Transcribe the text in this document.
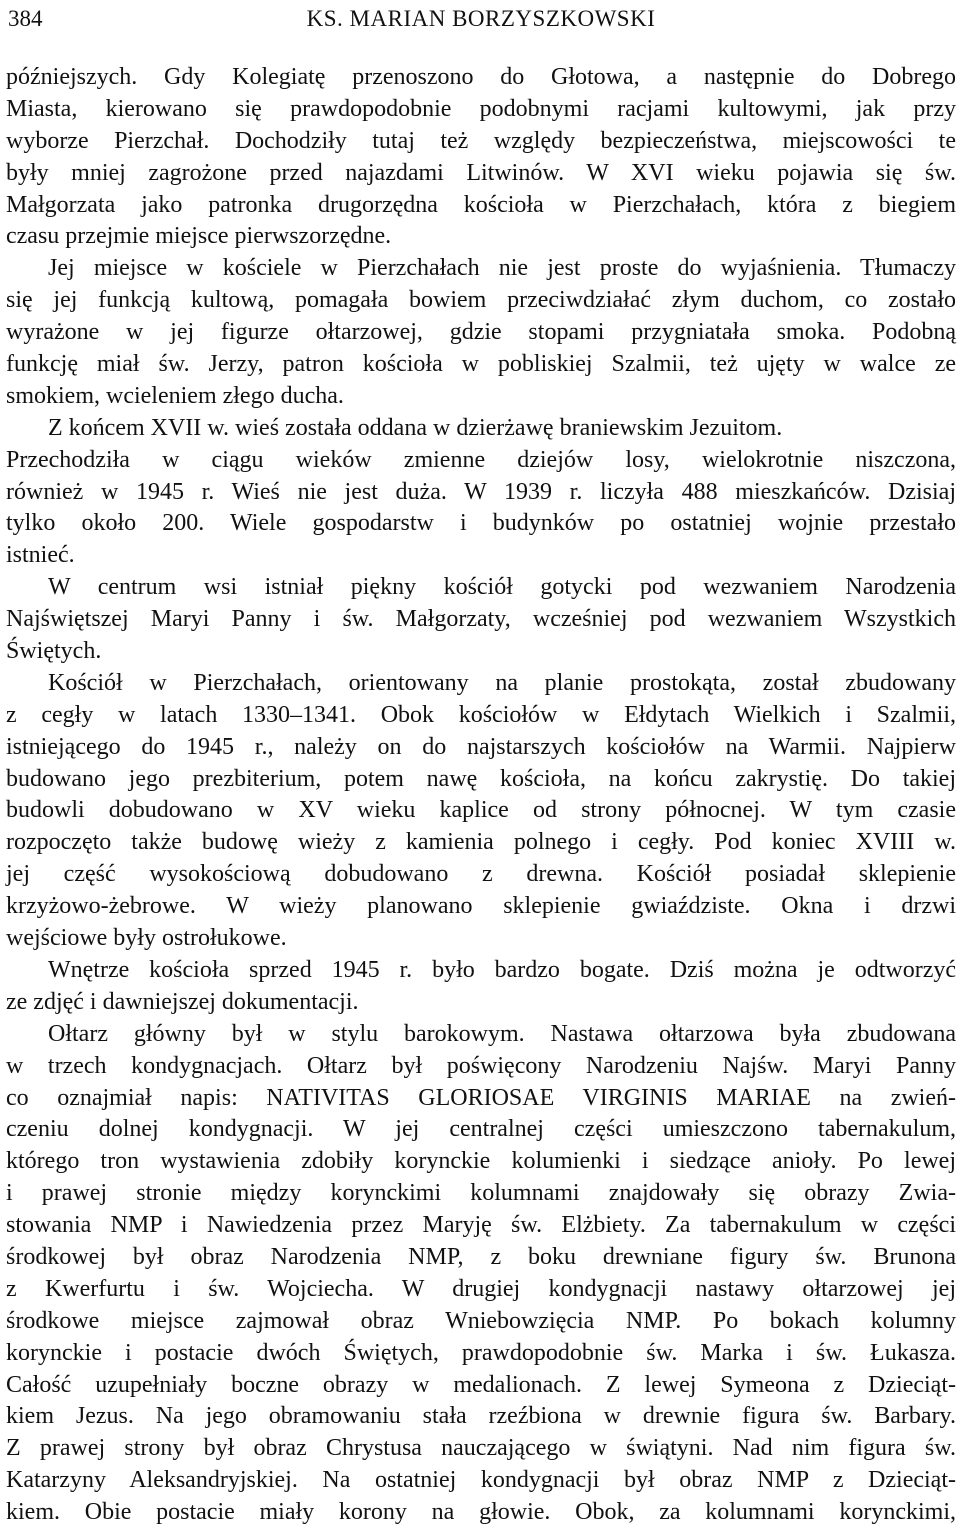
384	KS. MARIAN BORZYSZKOWSKI
późniejszych. Gdy Kolegiatę przenoszono do Głotowa, a następnie do Dobrego
Miasta, kierowano się prawdopodobnie podobnymi racjami kultowymi, jak przy
wyborze Pierzchał. Dochodziły tutaj też względy bezpieczeństwa, miejscowości te
były mniej zagrożone przed najazdami Litwinów. W XVI wieku pojawia się św.
Małgorzata jako patronka drugorzędna kościoła w Pierzchałach, która z biegiem
czasu przejmie miejsce pierwszorzędne.
Jej miejsce w kościele w Pierzchałach nie jest proste do wyjaśnienia. Tłumaczy
się jej funkcją kultową, pomagała bowiem przeciwdziałać złym duchom, co zostało
wyrażone w jej figurze ołtarzowej, gdzie stopami przygniatała smoka. Podobną
funkcję miał św. Jerzy, patron kościoła w pobliskiej Szalmii, też ujęty w walce ze
smokiem, wcieleniem złego ducha.
Z końcem XVII w. wieś została oddana w dzierżawę braniewskim Jezuitom.
Przechodziła w ciągu wieków zmienne dziejów losy, wielokrotnie niszczona,
również w 1945 r. Wieś nie jest duża. W 1939 r. liczyła 488 mieszkańców. Dzisiaj
tylko około 200. Wiele gospodarstw i budynków po ostatniej wojnie przestało
istnieć.
W centrum wsi istniał piękny kościół gotycki pod wezwaniem Narodzenia
Najświętszej Maryi Panny i św. Małgorzaty, wcześniej pod wezwaniem Wszystkich
Świętych.
Kościół w Pierzchałach, orientowany na planie prostokąta, został zbudowany
z cegły w latach 1330–1341. Obok kościołów w Ełdytach Wielkich i Szalmii,
istniejącego do 1945 r., należy on do najstarszych kościołów na Warmii. Najpierw
budowano jego prezbiterium, potem nawę kościoła, na końcu zakrystię. Do takiej
budowli dobudowano w XV wieku kaplice od strony północnej. W tym czasie
rozpoczęto także budowę wieży z kamienia polnego i cegły. Pod koniec XVIII w.
jej część wysokościową dobudowano z drewna. Kościół posiadał sklepienie
krzyżowo-żebrowe. W wieży planowano sklepienie gwiaździste. Okna i drzwi
wejściowe były ostrołukowe.
Wnętrze kościoła sprzed 1945 r. było bardzo bogate. Dziś można je odtworzyć
ze zdjęć i dawniejszej dokumentacji.
Ołtarz główny był w stylu barokowym. Nastawa ołtarzowa była zbudowana
w trzech kondygnacjach. Ołtarz był poświęcony Narodzeniu Najśw. Maryi Panny
co oznajmiał napis: NATIVITAS GLORIOSAE VIRGINIS MARIAE na zwień-
czeniu dolnej kondygnacji. W jej centralnej części umieszczono tabernakulum,
którego tron wystawienia zdobiły korynckie kolumienki i siedzące anioły. Po lewej
i prawej stronie między korynckimi kolumnami znajdowały się obrazy Zwia-
stowania NMP i Nawiedzenia przez Maryję św. Elżbiety. Za tabernakulum w części
środkowej był obraz Narodzenia NMP, z boku drewniane figury św. Brunona
z Kwerfurtu i św. Wojciecha. W drugiej kondygnacji nastawy ołtarzowej jej
środkowe miejsce zajmował obraz Wniebowzięcia NMP. Po bokach kolumny
korynckie i postacie dwóch Świętych, prawdopodobnie św. Marka i św. Łukasza.
Całość uzupełniały boczne obrazy w medalionach. Z lewej Symeona z Dzieciąt-
kiem Jezus. Na jego obramowaniu stała rzeźbiona w drewnie figura św. Barbary.
Z prawej strony był obraz Chrystusa nauczającego w świątyni. Nad nim figura św.
Katarzyny Aleksandryjskiej. Na ostatniej kondygnacji był obraz NMP z Dzieciąt-
kiem. Obie postacie miały korony na głowie. Obok, za kolumnami korynckimi,
